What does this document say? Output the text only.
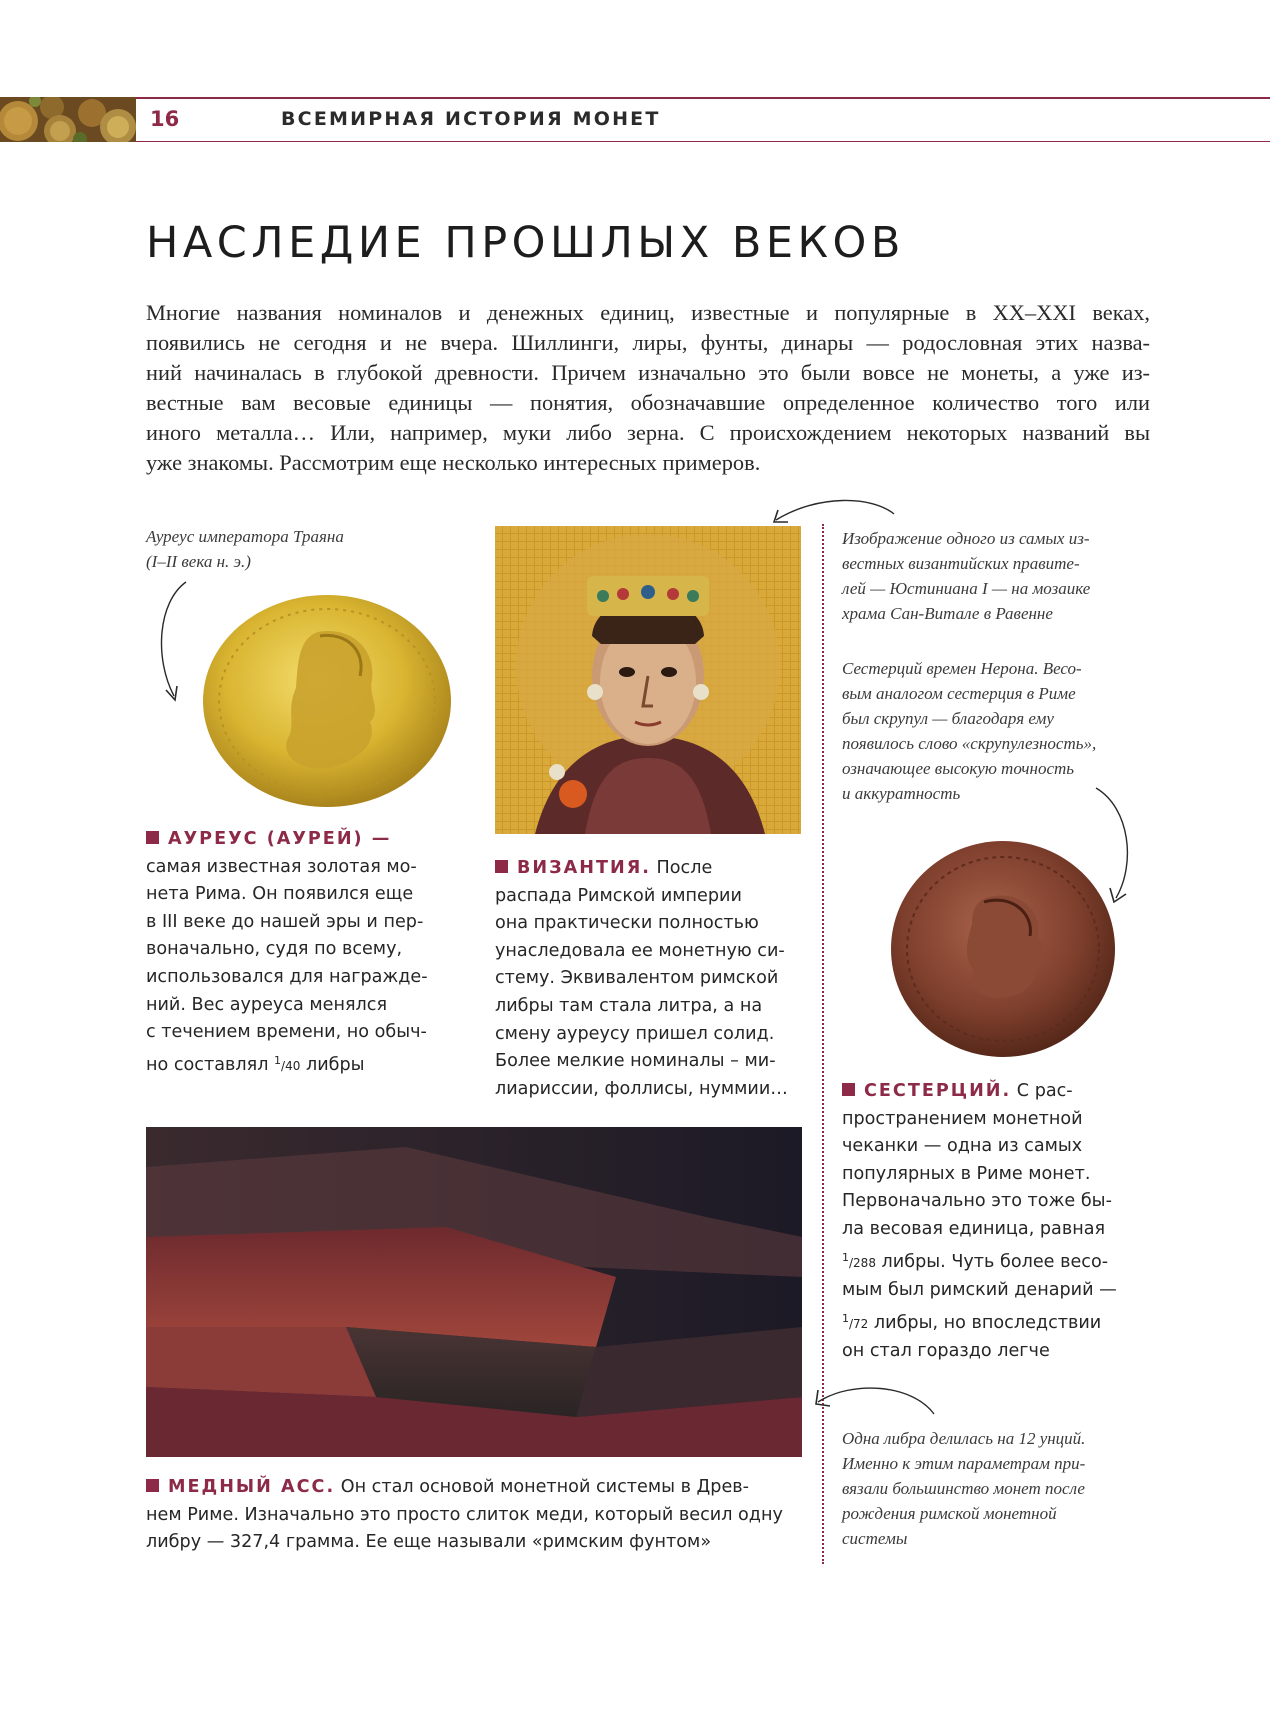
16	ВСЕМИРНАЯ ИСТОРИЯ МОНЕТ
НАСЛЕДИЕ ПРОШЛЫХ ВЕКОВ
Многие названия номиналов и денежных единиц, известные и популярные в XX–XXI веках,
появились не сегодня и не вчера. Шиллинги, лиры, фунты, динары — родословная этих назва-
ний начиналась в глубокой древности. Причем изначально это были вовсе не монеты, а уже из-
вестные вам весовые единицы — понятия, обозначавшие определенное количество того или
иного металла… Или, например, муки либо зерна. С происхождением некоторых названий вы
уже знакомы. Рассмотрим еще несколько интересных примеров.
Ауреус императора Траяна
(I–II века н. э.)
АУРЕУС (АУРЕЙ) —
самая известная золотая мо-
нета Рима. Он появился еще
в III веке до нашей эры и пер-
воначально, судя по всему,
использовался для награжде-
ний. Вес ауреуса менялся
с течением времени, но обыч-
но составлял $^1$/40 либры
ВИЗАНТИЯ. После
распада Римской империи
она практически полностью
унаследовала ее монетную си-
стему. Эквивалентом римской
либры там стала литра, а на
смену ауреусу пришел солид.
Более мелкие номиналы – ми-
лиариссии, фоллисы, нуммии…
Изображение одного из самых из-
вестных византийских правите-
лей — Юстиниана I — на мозаике
храма Сан-Витале в Равенне
Сестерций времен Нерона. Весо-
вым аналогом сестерция в Риме
был скрупул — благодаря ему
появилось слово «скрупулезность»,
означающее высокую точность
и аккуратность
СЕСТЕРЦИЙ. С рас-
пространением монетной
чеканки — одна из самых
популярных в Риме монет.
Первоначально это тоже бы-
ла весовая единица, равная
$^1$/288 либры. Чуть более весо-
мым был римский денарий —
$^1$/72 либры, но впоследствии
он стал гораздо легче
Одна либра делилась на 12 унций.
Именно к этим параметрам при-
вязали большинство монет после
рождения римской монетной
системы
МЕДНЫЙ АСС. Он стал основой монетной системы в Древ-
нем Риме. Изначально это просто слиток меди, который весил одну
либру — 327,4 грамма. Ее еще называли «римским фунтом»
